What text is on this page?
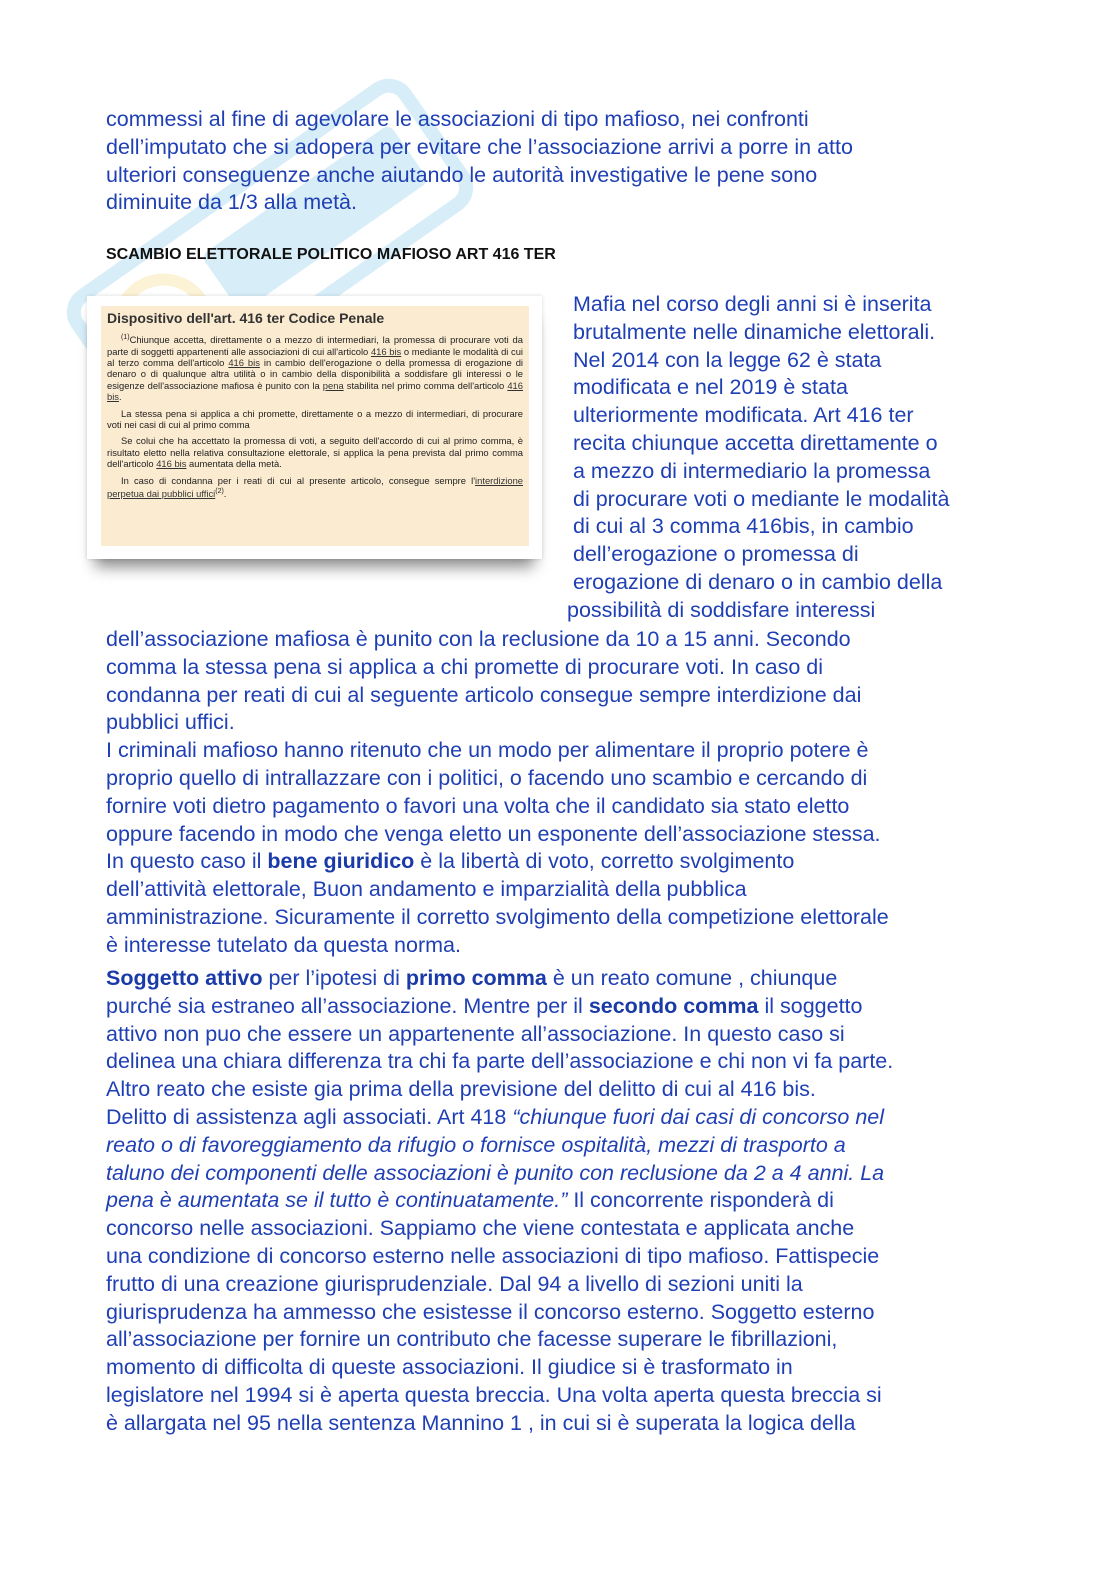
commessi al fine di agevolare le associazioni di tipo mafioso, nei confronti
dell’imputato che si adopera per evitare che l’associazione arrivi a porre in atto
ulteriori conseguenze anche aiutando le autorità investigative le pene sono
diminuite da 1/3 alla metà.
SCAMBIO ELETTORALE POLITICO MAFIOSO ART 416 TER
Dispositivo dell'art. 416 ter Codice Penale

$^{(1)}$Chiunque accetta, direttamente o a mezzo di intermediari, la promessa di procurare voti da parte di soggetti appartenenti alle associazioni di cui all'articolo 416 bis o mediante le modalità di cui al terzo comma dell'articolo 416 bis in cambio dell'erogazione o della promessa di erogazione di denaro o di qualunque altra utilità o in cambio della disponibilità a soddisfare gli interessi o le esigenze dell'associazione mafiosa è punito con la pena stabilita nel primo comma dell'articolo 416 bis.

La stessa pena si applica a chi promette, direttamente o a mezzo di intermediari, di procurare voti nei casi di cui al primo comma

Se colui che ha accettato la promessa di voti, a seguito dell'accordo di cui al primo comma, è risultato eletto nella relativa consultazione elettorale, si applica la pena prevista dal primo comma dell'articolo 416 bis aumentata della metà.

In caso di condanna per i reati di cui al presente articolo, consegue sempre l'interdizione perpetua dai pubblici uffici$^{(2)}$.

Mafia nel corso degli anni si è inserita
brutalmente nelle dinamiche elettorali.
Nel 2014 con la legge 62 è stata
modificata e nel 2019 è stata
ulteriormente modificata. Art 416 ter
recita chiunque accetta direttamente o
a mezzo di intermediario la promessa
di procurare voti o mediante le modalità
di cui al 3 comma 416bis, in cambio
dell’erogazione o promessa di
erogazione di denaro o in cambio della
possibilità di soddisfare interessi
dell’associazione mafiosa è punito con la reclusione da 10 a 15 anni. Secondo
comma la stessa pena si applica a chi promette di procurare voti. In caso di
condanna per reati di cui al seguente articolo consegue sempre interdizione dai
pubblici uffici.
I criminali mafioso hanno ritenuto che un modo per alimentare il proprio potere è
proprio quello di intrallazzare con i politici, o facendo uno scambio e cercando di
fornire voti dietro pagamento o favori una volta che il candidato sia stato eletto
oppure facendo in modo che venga eletto un esponente dell’associazione stessa.
In questo caso il bene giuridico è la libertà di voto, corretto svolgimento
dell’attività elettorale, Buon andamento e imparzialità della pubblica
amministrazione. Sicuramente il corretto svolgimento della competizione elettorale
è interesse tutelato da questa norma.
Soggetto attivo per l’ipotesi di primo comma è un reato comune , chiunque
purché sia estraneo all’associazione. Mentre per il secondo comma il soggetto
attivo non puo che essere un appartenente all’associazione. In questo caso si
delinea una chiara differenza tra chi fa parte dell’associazione e chi non vi fa parte.
Altro reato che esiste gia prima della previsione del delitto di cui al 416 bis.
Delitto di assistenza agli associati. Art 418 “chiunque fuori dai casi di concorso nel
reato o di favoreggiamento da rifugio o fornisce ospitalità, mezzi di trasporto a
taluno dei componenti delle associazioni è punito con reclusione da 2 a 4 anni. La
pena è aumentata se il tutto è continuatamente.” Il concorrente risponderà di
concorso nelle associazioni. Sappiamo che viene contestata e applicata anche
una condizione di concorso esterno nelle associazioni di tipo mafioso. Fattispecie
frutto di una creazione giurisprudenziale. Dal 94 a livello di sezioni uniti la
giurisprudenza ha ammesso che esistesse il concorso esterno. Soggetto esterno
all’associazione per fornire un contributo che facesse superare le fibrillazioni,
momento di difficolta di queste associazioni. Il giudice si è trasformato in
legislatore nel 1994 si è aperta questa breccia. Una volta aperta questa breccia si
è allargata nel 95 nella sentenza Mannino 1 , in cui si è superata la logica della
